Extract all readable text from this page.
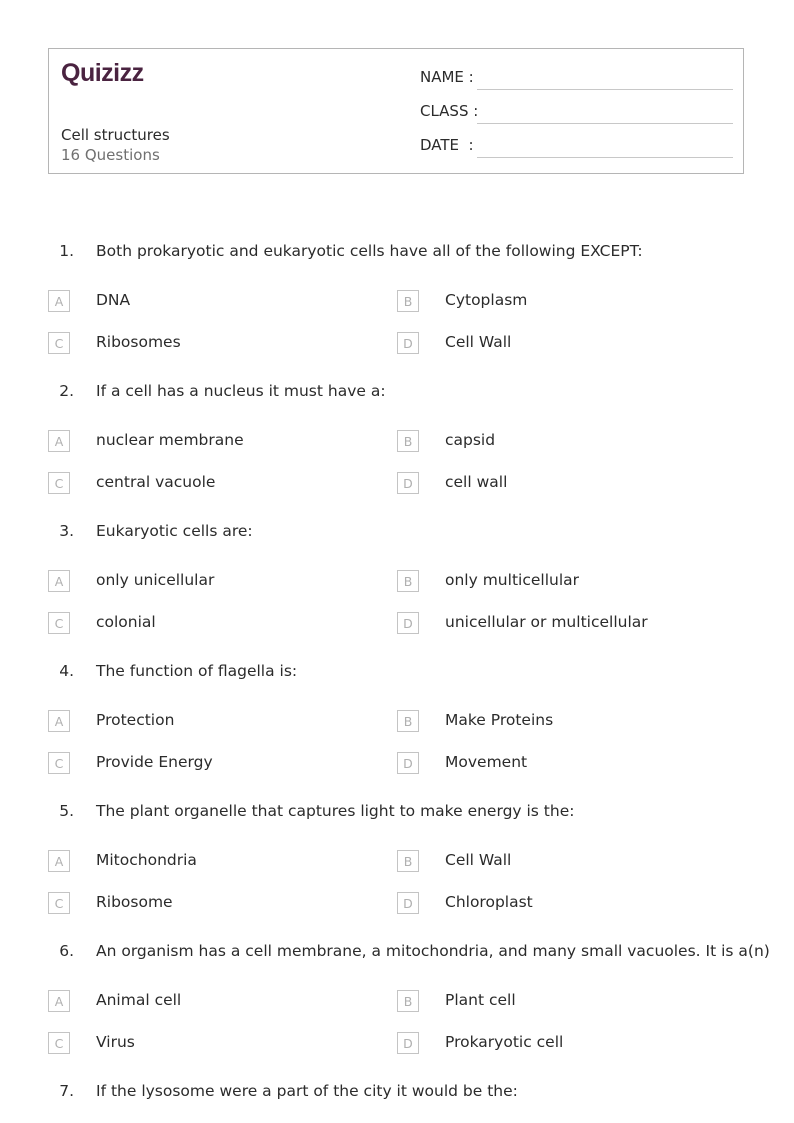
Quizizz
Cell structures
16 Questions
NAME :
CLASS :
DATE  :
1. Both prokaryotic and eukaryotic cells have all of the following EXCEPT:
A	DNA	B	Cytoplasm
C	Ribosomes	D	Cell Wall
2. If a cell has a nucleus it must have a:
A	nuclear membrane	B	capsid
C	central vacuole	D	cell wall
3. Eukaryotic cells are:
A	only unicellular	B	only multicellular
C	colonial	D	unicellular or multicellular
4. The function of flagella is:
A	Protection	B	Make Proteins
C	Provide Energy	D	Movement
5. The plant organelle that captures light to make energy is the:
A	Mitochondria	B	Cell Wall
C	Ribosome	D	Chloroplast
6. An organism has a cell membrane, a mitochondria, and many small vacuoles. It is a(n)
A	Animal cell	B	Plant cell
C	Virus	D	Prokaryotic cell
7. If the lysosome were a part of the city it would be the:
